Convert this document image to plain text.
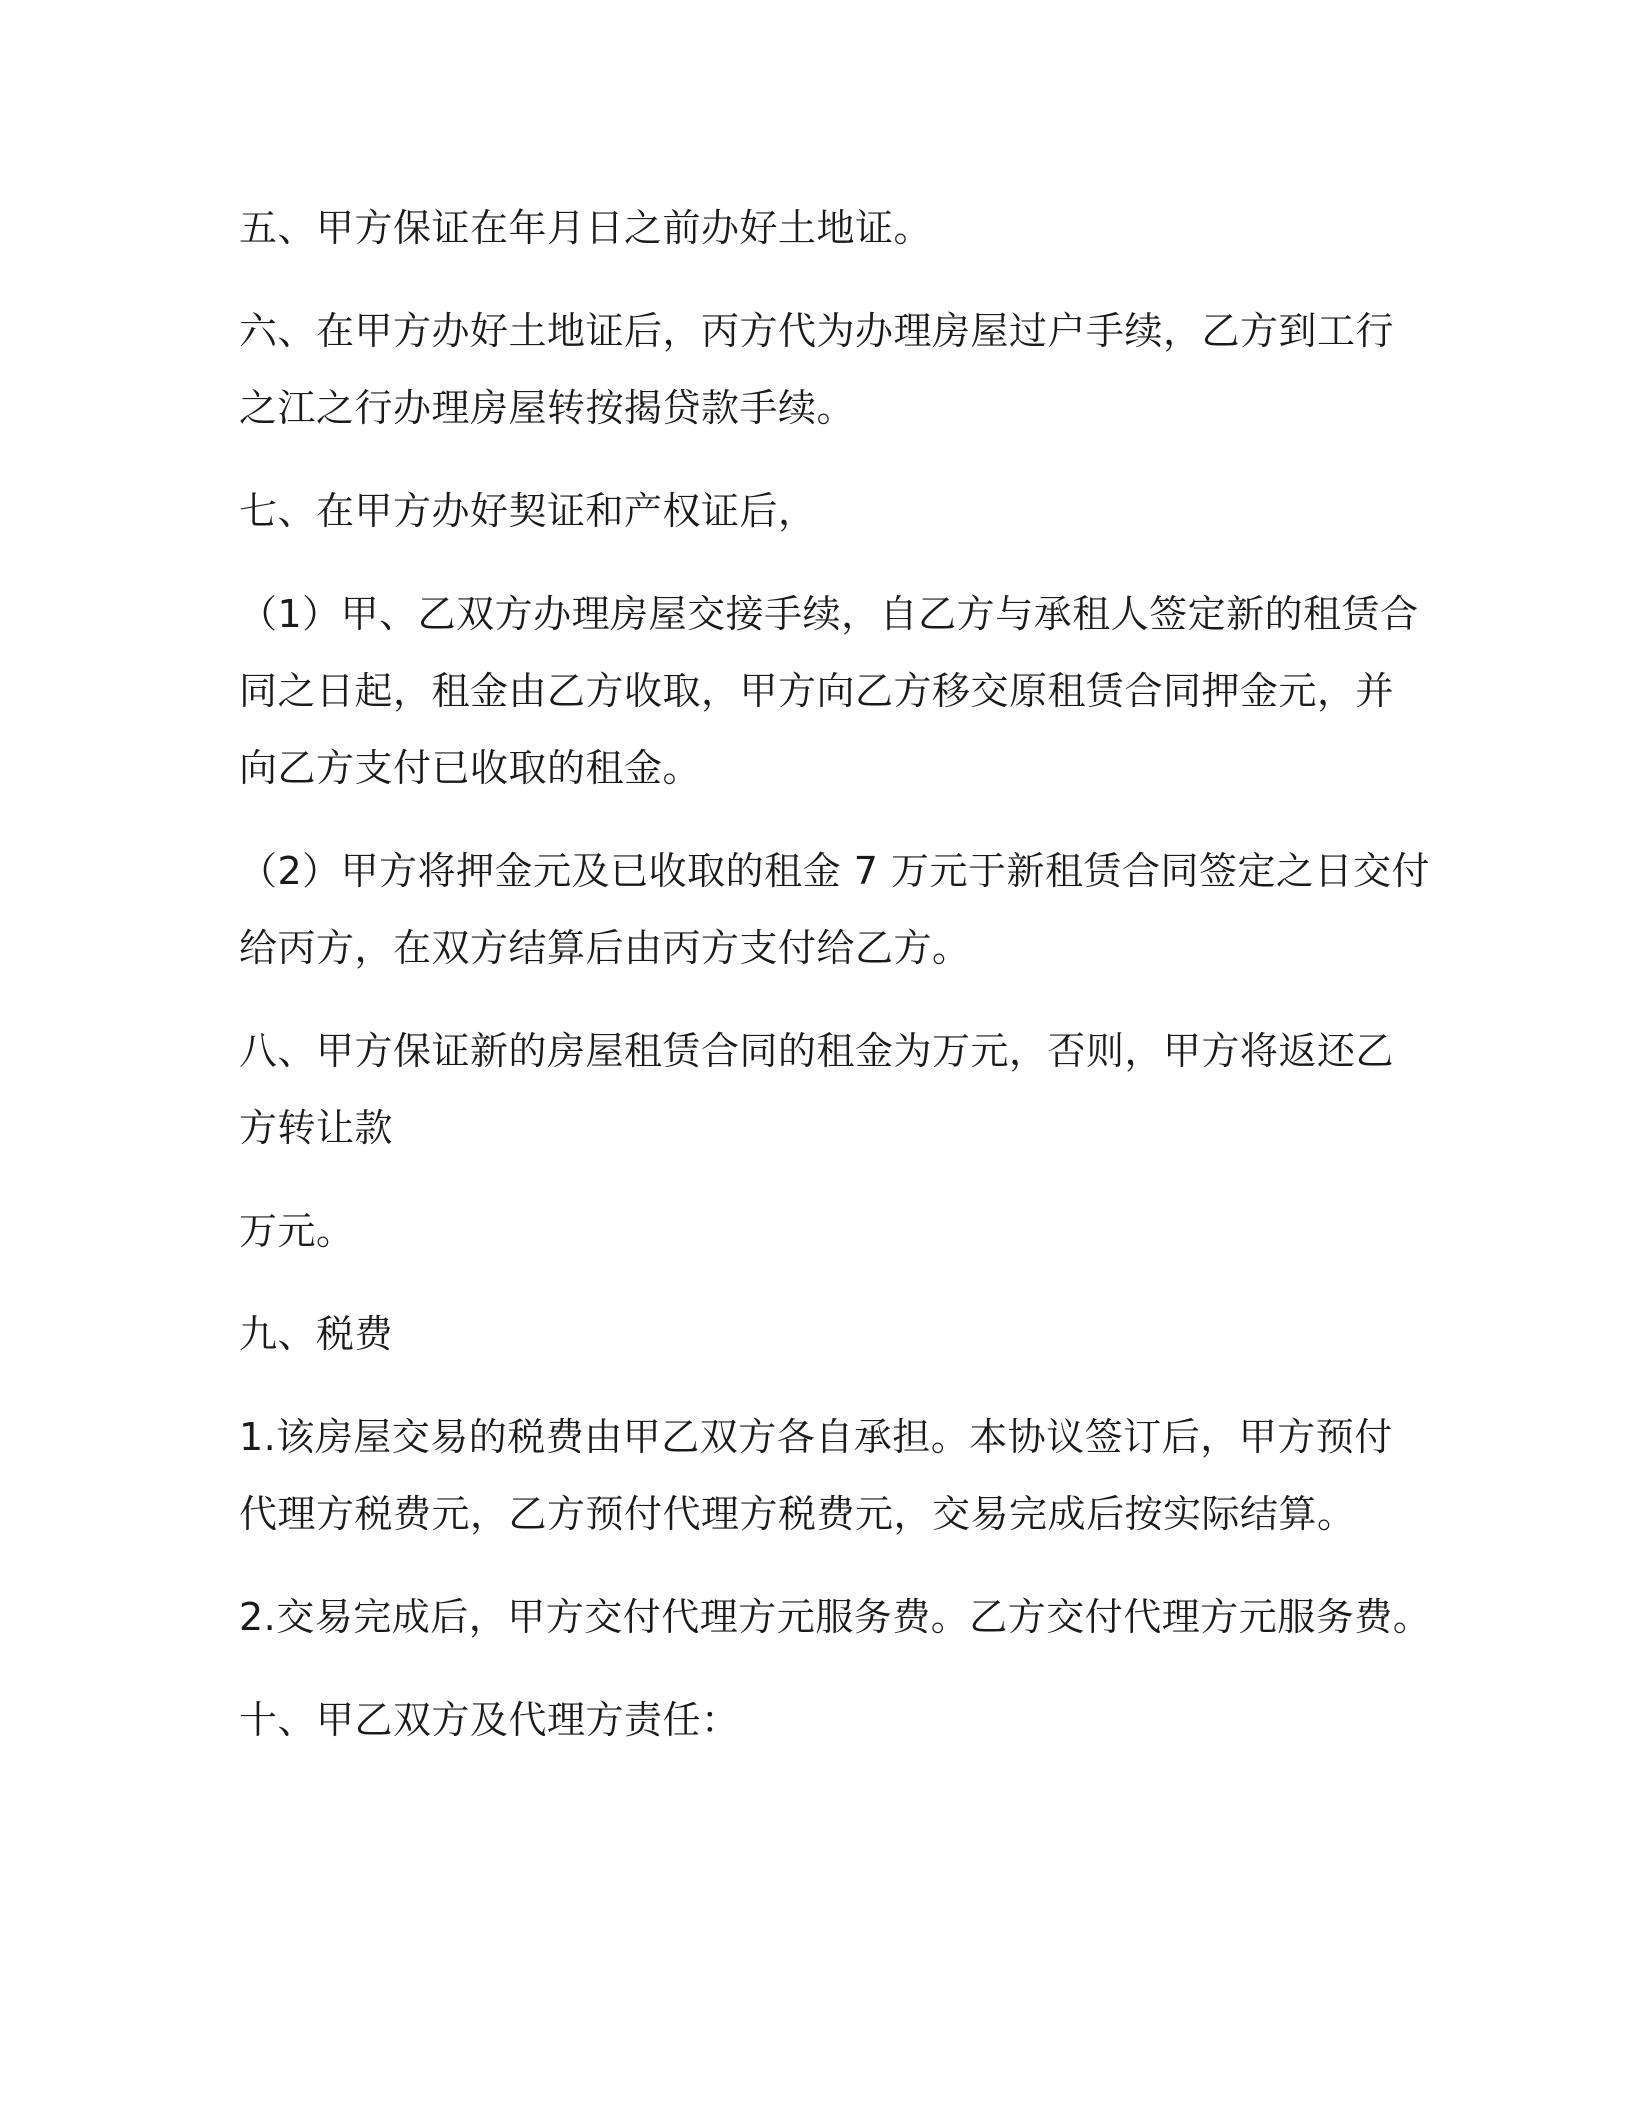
五、甲方保证在年月日之前办好土地证。

六、在甲方办好土地证后，丙方代为办理房屋过户手续，乙方到工行
之江之行办理房屋转按揭贷款手续。

七、在甲方办好契证和产权证后，

（1）甲、乙双方办理房屋交接手续，自乙方与承租人签定新的租赁合
同之日起，租金由乙方收取，甲方向乙方移交原租赁合同押金元，并
向乙方支付已收取的租金。

（2）甲方将押金元及已收取的租金 7 万元于新租赁合同签定之日交付
给丙方，在双方结算后由丙方支付给乙方。

八、甲方保证新的房屋租赁合同的租金为万元，否则，甲方将返还乙
方转让款

万元。

九、税费

1.该房屋交易的税费由甲乙双方各自承担。本协议签订后，甲方预付
代理方税费元，乙方预付代理方税费元，交易完成后按实际结算。

2.交易完成后，甲方交付代理方元服务费。乙方交付代理方元服务费。

十、甲乙双方及代理方责任：
